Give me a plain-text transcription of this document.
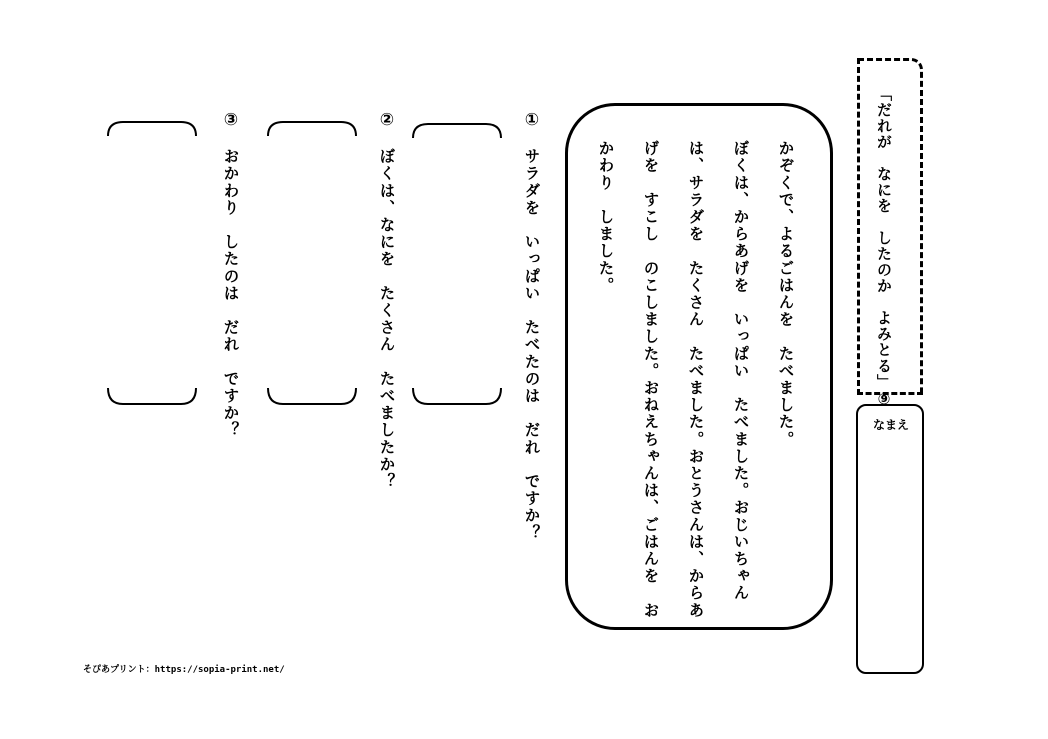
「だれが　なにを　したのか　よみとる」⑨
なまえ
かぞくで、よるごはんを　たべました。
ぼくは、からあげを　いっぱい　たべました。おじいちゃん
は、サラダを　たくさん　たべました。おとうさんは、からあ
げを　すこし　のこしました。おねえちゃんは、ごはんを　お
かわり　しました。
①
サラダを　いっぱい　たべたのは　だれ　ですか？
②
ぼくは、なにを　たくさん　たべましたか？
③
おかわり　したのは　だれ　ですか？
そぴあプリント：https://sopia-print.net/
